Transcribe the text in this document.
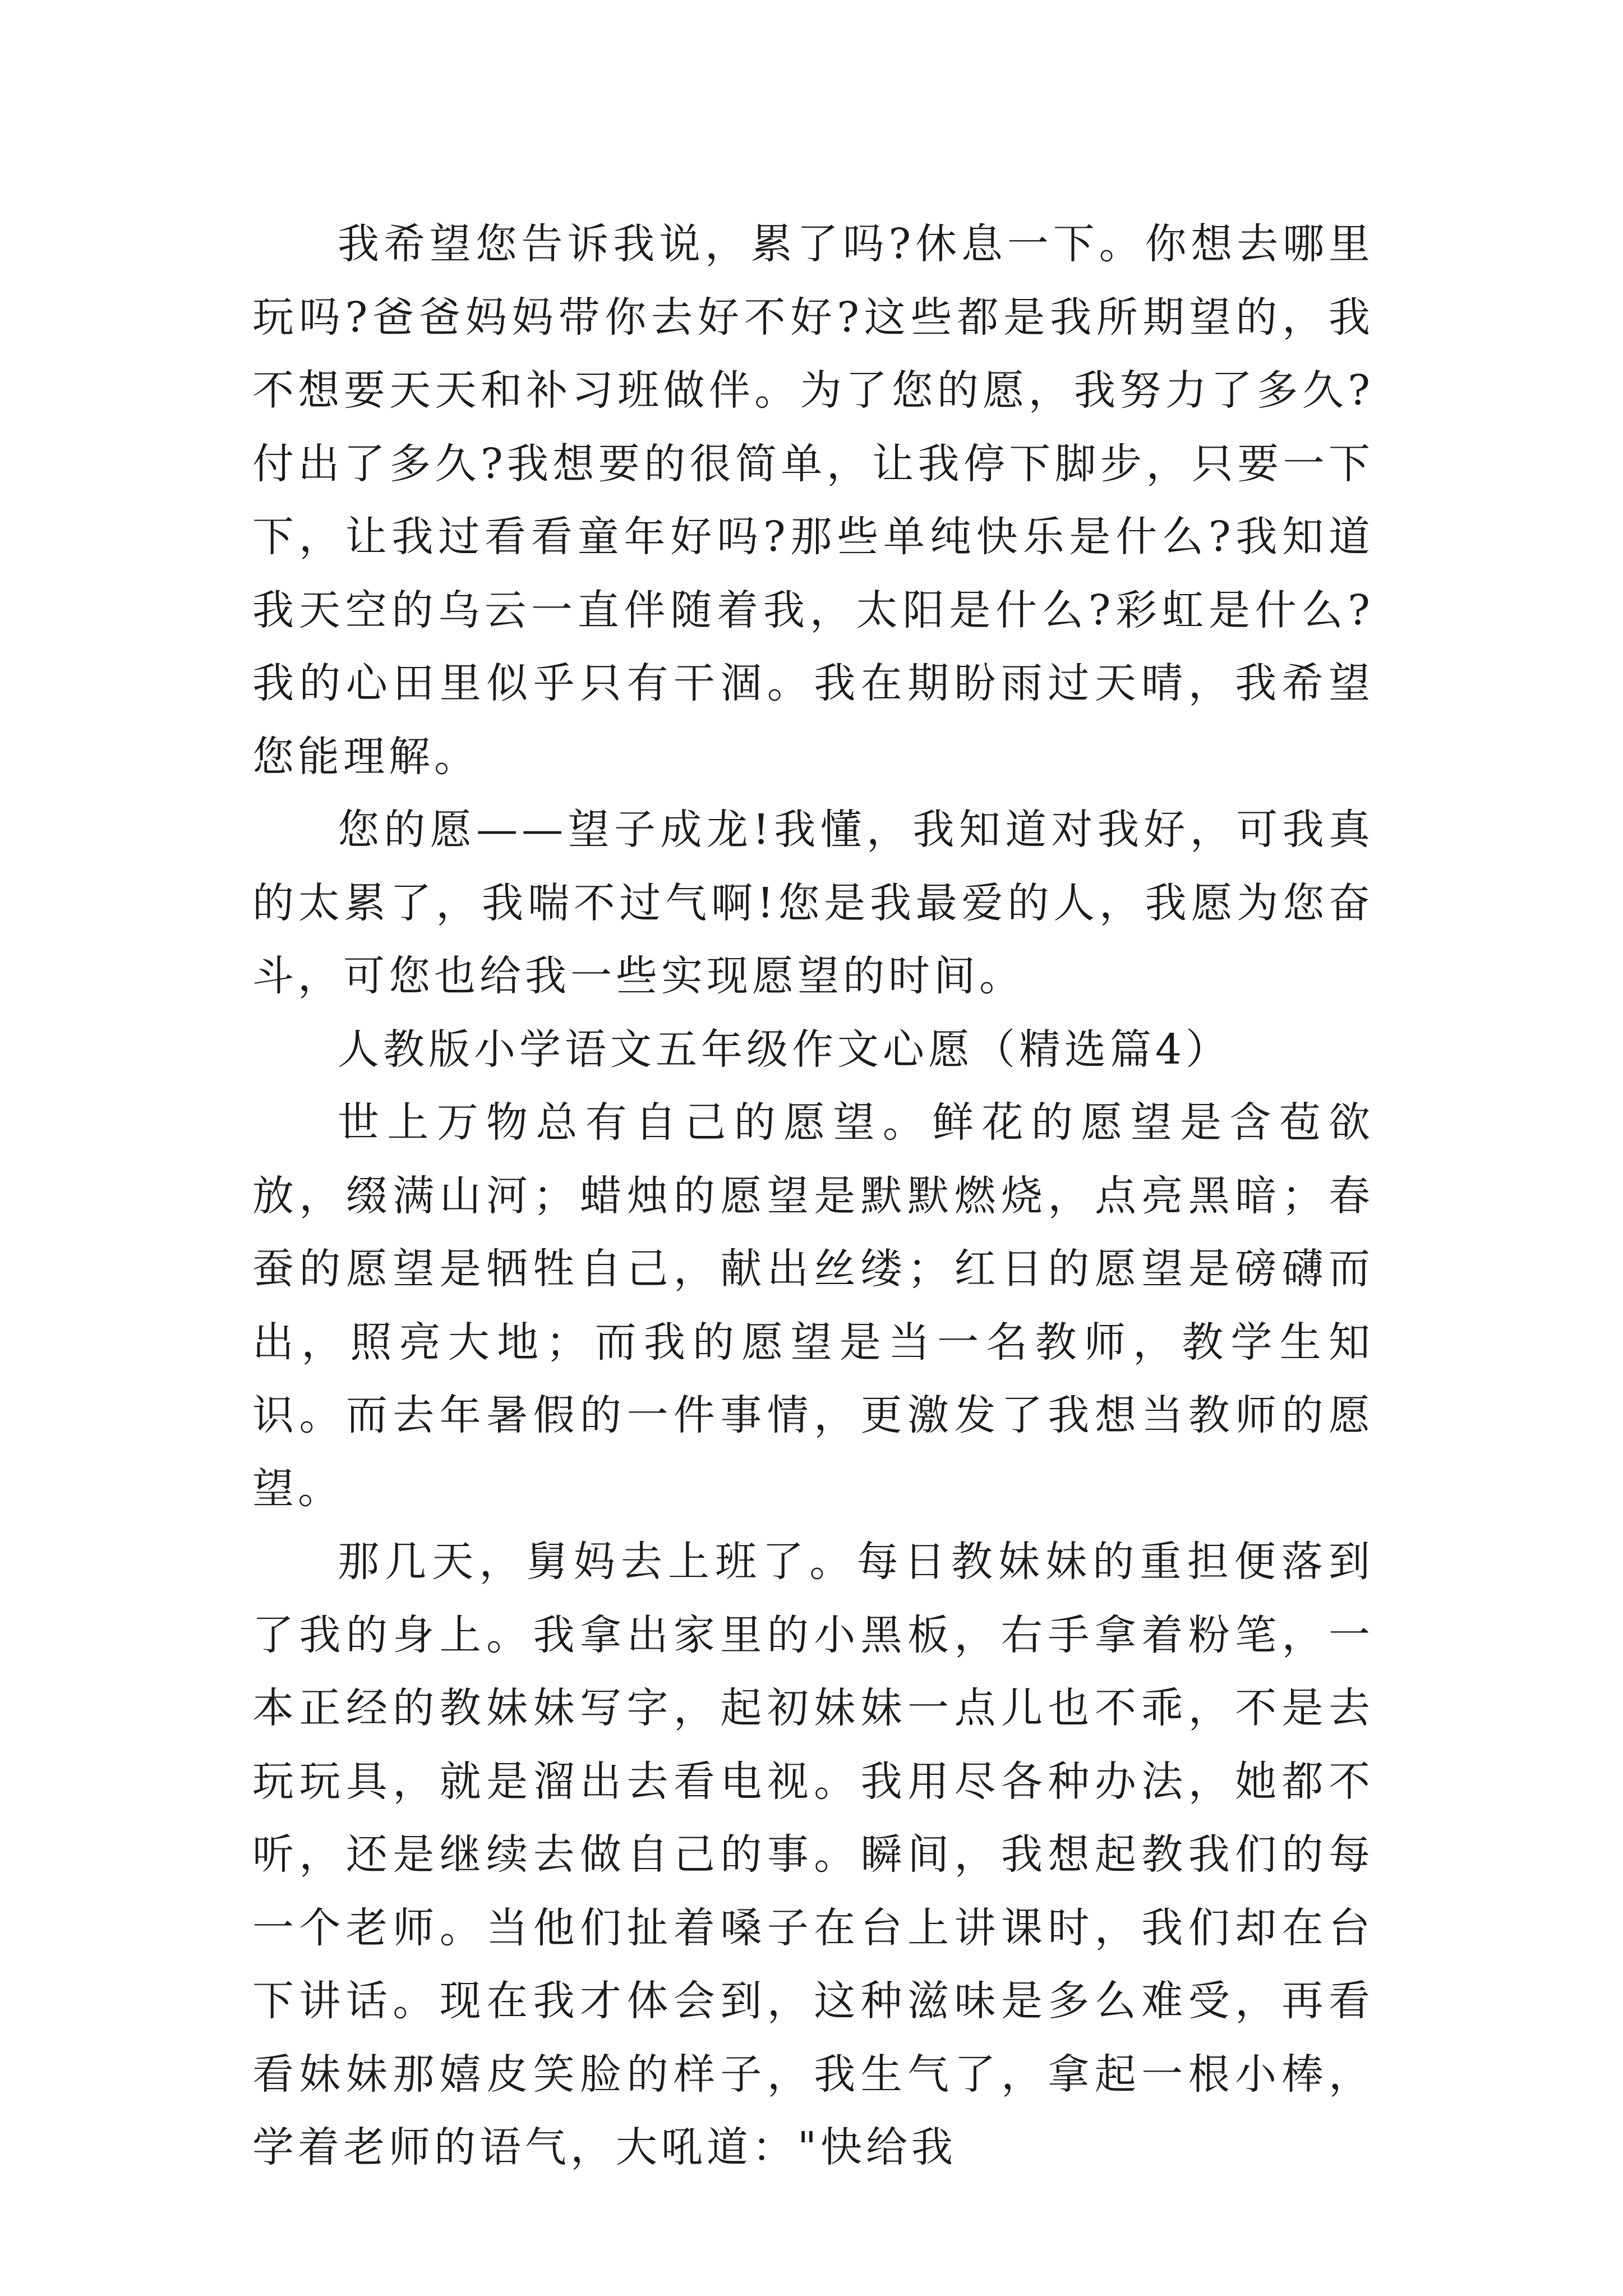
我希望您告诉我说，累了吗?休息一下。你想去哪里玩吗?爸爸妈妈带你去好不好?这些都是我所期望的，我不想要天天和补习班做伴。为了您的愿，我努力了多久?付出了多久?我想要的很简单，让我停下脚步，只要一下下，让我过看看童年好吗?那些单纯快乐是什么?我知道我天空的乌云一直伴随着我，太阳是什么?彩虹是什么?我的心田里似乎只有干涸。我在期盼雨过天晴，我希望您能理解。

您的愿——望子成龙!我懂，我知道对我好，可我真的太累了，我喘不过气啊!您是我最爱的人，我愿为您奋斗，可您也给我一些实现愿望的时间。

人教版小学语文五年级作文心愿（精选篇4）

世上万物总有自己的愿望。鲜花的愿望是含苞欲放，缀满山河；蜡烛的愿望是默默燃烧，点亮黑暗；春蚕的愿望是牺牲自己，献出丝缕；红日的愿望是磅礴而出，照亮大地；而我的愿望是当一名教师，教学生知识。而去年暑假的一件事情，更激发了我想当教师的愿望。

那几天，舅妈去上班了。每日教妹妹的重担便落到了我的身上。我拿出家里的小黑板，右手拿着粉笔，一本正经的教妹妹写字，起初妹妹一点儿也不乖，不是去玩玩具，就是溜出去看电视。我用尽各种办法，她都不听，还是继续去做自己的事。瞬间，我想起教我们的每一个老师。当他们扯着嗓子在台上讲课时，我们却在台下讲话。现在我才体会到，这种滋味是多么难受，再看看妹妹那嬉皮笑脸的样子，我生气了，拿起一根小棒，学着老师的语气，大吼道："快给我
